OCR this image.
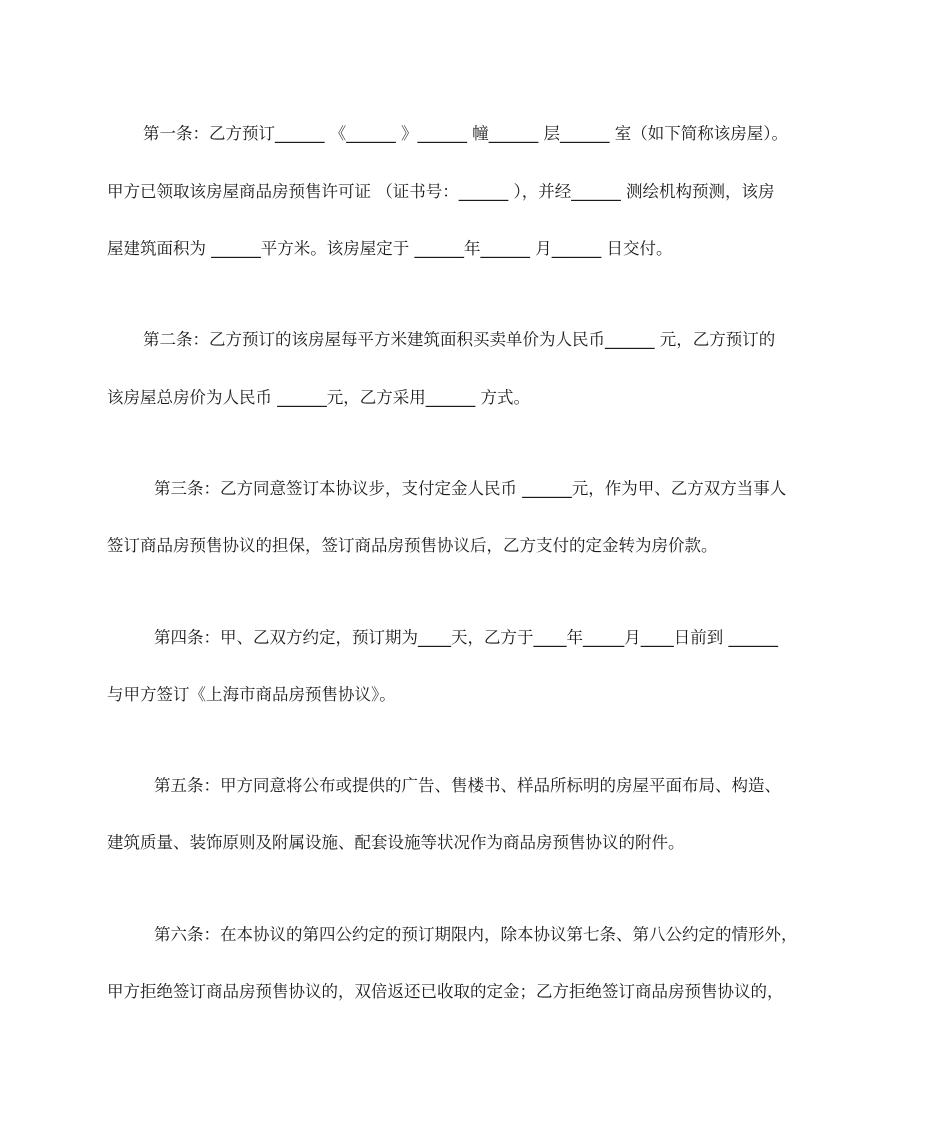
第一条：乙方预订______ 《______ 》______ 幢______ 层______ 室（如下简称该房屋）。
甲方已领取该房屋商品房预售许可证 （证书号：______ ），并经______ 测绘机构预测，该房
屋建筑面积为 ______平方米。该房屋定于 ______年______ 月______ 日交付。
第二条：乙方预订的该房屋每平方米建筑面积买卖单价为人民币______ 元，乙方预订的
该房屋总房价为人民币 ______元，乙方采用______ 方式。
第三条：乙方同意签订本协议步，支付定金人民币 ______元，作为甲、乙方双方当事人
签订商品房预售协议的担保，签订商品房预售协议后，乙方支付的定金转为房价款。
第四条：甲、乙双方约定，预订期为____天，乙方于____年_____月____日前到 ______
与甲方签订《上海市商品房预售协议》。
第五条：甲方同意将公布或提供的广告、售楼书、样品所标明的房屋平面布局、构造、
建筑质量、装饰原则及附属设施、配套设施等状况作为商品房预售协议的附件。
第六条：在本协议的第四公约定的预订期限内，除本协议第七条、第八公约定的情形外，
甲方拒绝签订商品房预售协议的，双倍返还已收取的定金；乙方拒绝签订商品房预售协议的，
